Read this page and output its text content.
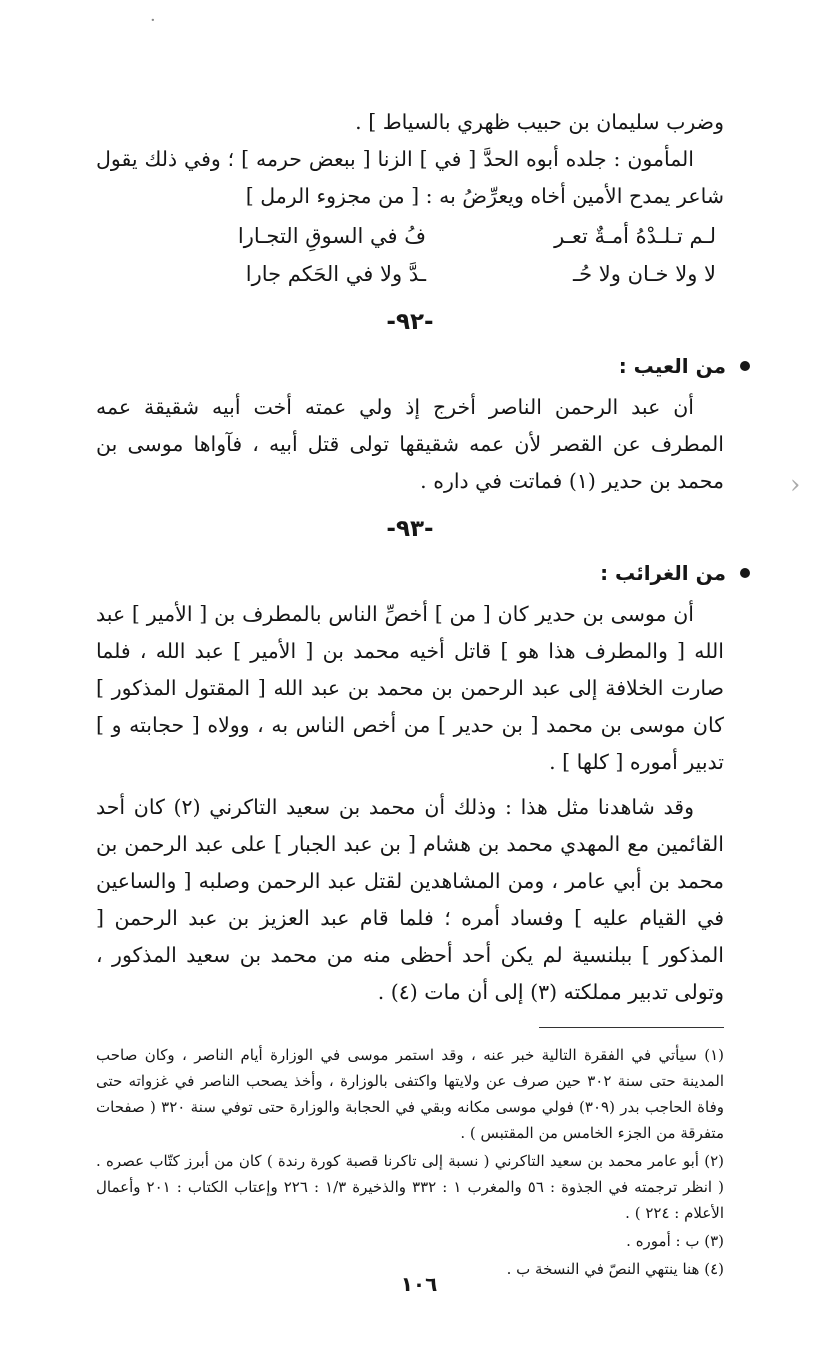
·
‹

وضرب سليمان بن حبيب ظهري بالسياط ] .

المأمون : جلده أبوه الحدَّ [ في ] الزنا [ ببعض حرمه ] ؛ وفي ذلك يقول شاعر يمدح الأمين أخاه ويعرِّضُ به : [ من مجزوء الرمل ]

لـم تـلـدْهُ أمـةٌ تعـر
فُ في السوقِ التجـارا
لا ولا خـان ولا حُـ
ـدَّ ولا في الحَكم جارا
-٩٢-
من العيب :

أن عبد الرحمن الناصر أخرج إذ ولي عمته أخت أبيه شقيقة عمه المطرف عن القصر لأن عمه شقيقها تولى قتل أبيه ، فآواها موسى بن محمد بن حدير (١) فماتت في داره .

-٩٣-
من الغرائب :

أن موسى بن حدير كان [ من ] أخصِّ الناس بالمطرف بن [ الأمير ] عبد الله [ والمطرف هذا هو ] قاتل أخيه محمد بن [ الأمير ] عبد الله ، فلما صارت الخلافة إلى عبد الرحمن بن محمد بن عبد الله [ المقتول المذكور ] كان موسى بن محمد [ بن حدير ] من أخص الناس به ، وولاه [ حجابته و ] تدبير أموره [ كلها ] .

وقد شاهدنا مثل هذا : وذلك أن محمد بن سعيد التاكرني (٢) كان أحد القائمين مع المهدي محمد بن هشام [ بن عبد الجبار ] على عبد الرحمن بن محمد بن أبي عامر ، ومن المشاهدين لقتل عبد الرحمن وصلبه [ والساعين في القيام عليه ] وفساد أمره ؛ فلما قام عبد العزيز بن عبد الرحمن [ المذكور ] ببلنسية لم يكن أحد أحظى منه من محمد بن سعيد المذكور ، وتولى تدبير مملكته (٣) إلى أن مات (٤) .

(١) سيأتي في الفقرة التالية خبر عنه ، وقد استمر موسى في الوزارة أيام الناصر ، وكان صاحب المدينة حتى سنة ٣٠٢ حين صرف عن ولايتها واكتفى بالوزارة ، وأخذ يصحب الناصر في غزواته حتى وفاة الحاجب بدر (٣٠٩) فولي موسى مكانه وبقي في الحجابة والوزارة حتى توفي سنة ٣٢٠ ( صفحات متفرقة من الجزء الخامس من المقتبس ) .

(٢) أبو عامر محمد بن سعيد التاكرني ( نسبة إلى تاكرنا قصبة كورة رندة ) كان من أبرز كتّاب عصره . ( انظر ترجمته في الجذوة : ٥٦ والمغرب ١ : ٣٣٢ والذخيرة ١/٣ : ٢٢٦ وإعتاب الكتاب : ٢٠١ وأعمال الأعلام : ٢٢٤ ) .

(٣) ب : أموره .

(٤) هنا ينتهي النصّ في النسخة ب .

١٠٦
